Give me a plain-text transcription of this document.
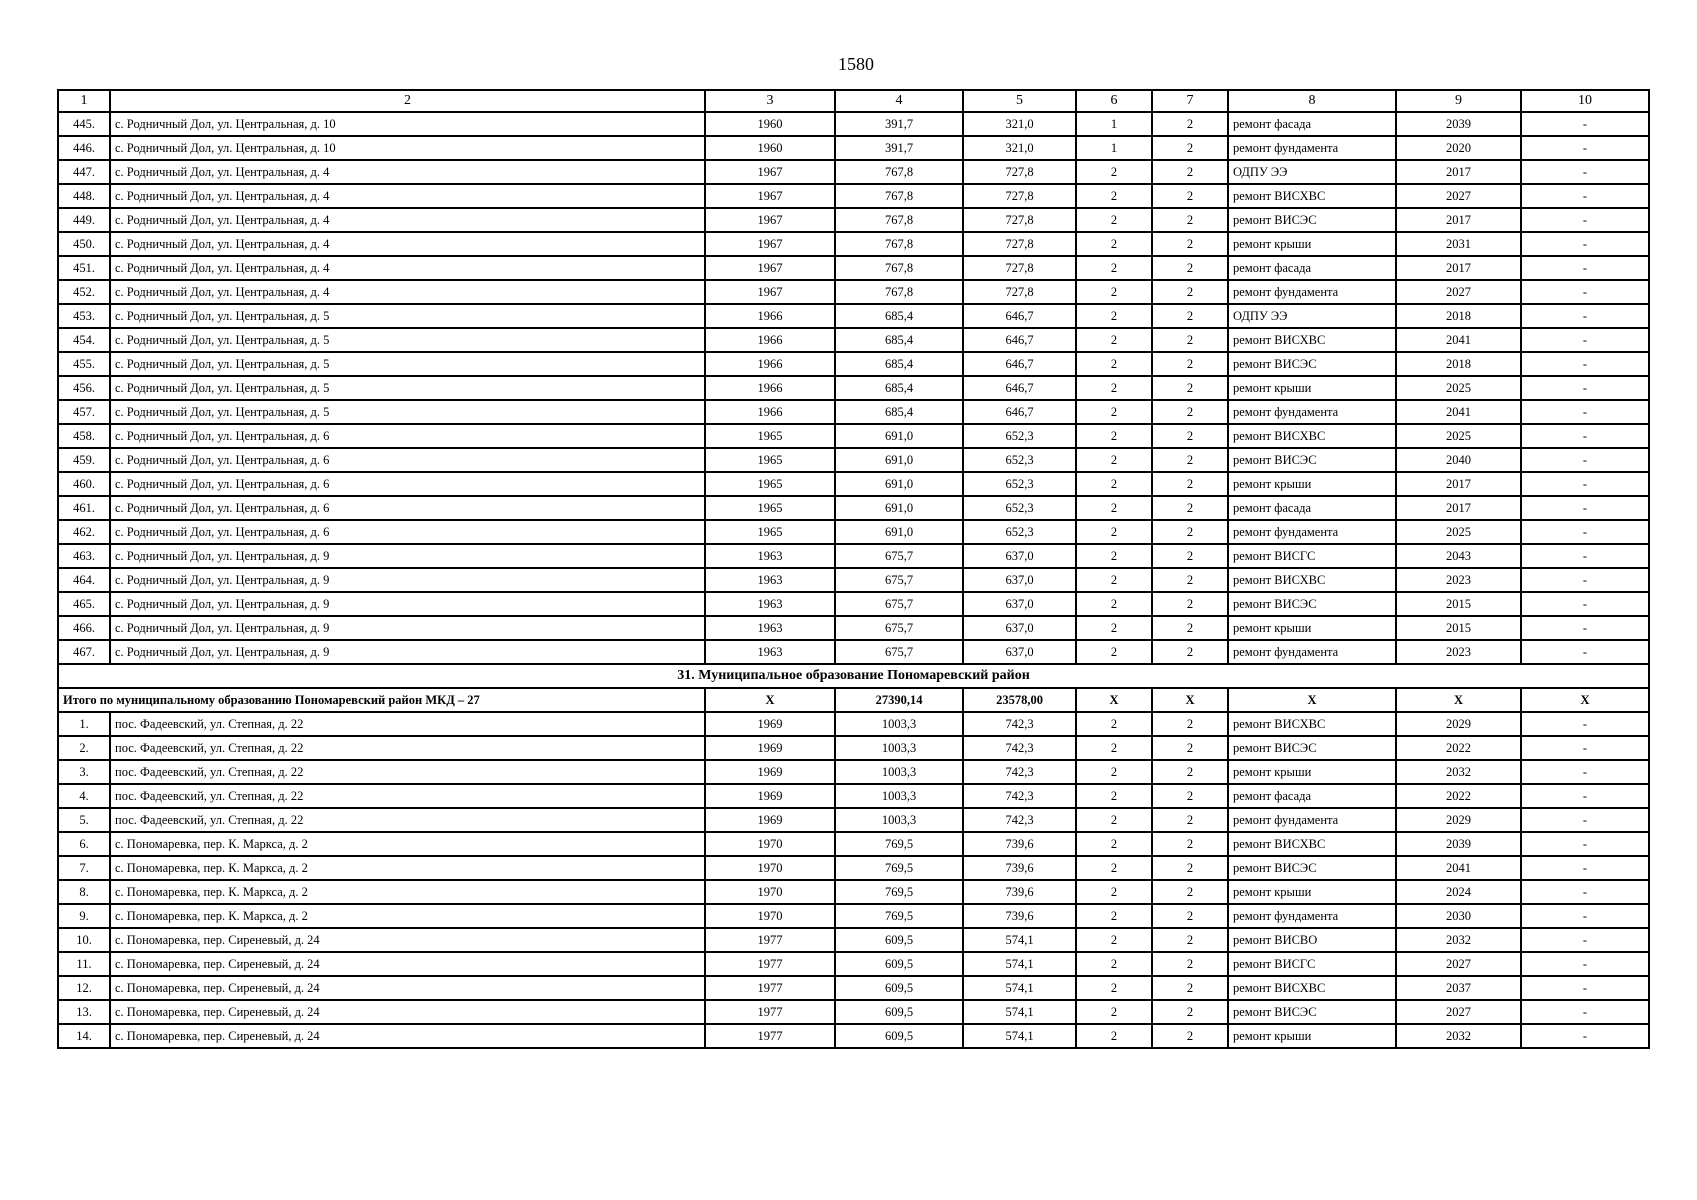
1580
1	2	3	4	5	6	7	8	9	10
445.	с. Родничный Дол, ул. Центральная, д. 10	1960	391,7	321,0	1	2	ремонт фасада	2039	-
446.	с. Родничный Дол, ул. Центральная, д. 10	1960	391,7	321,0	1	2	ремонт фундамента	2020	-
447.	с. Родничный Дол, ул. Центральная, д. 4	1967	767,8	727,8	2	2	ОДПУ ЭЭ	2017	-
448.	с. Родничный Дол, ул. Центральная, д. 4	1967	767,8	727,8	2	2	ремонт ВИСХВС	2027	-
449.	с. Родничный Дол, ул. Центральная, д. 4	1967	767,8	727,8	2	2	ремонт ВИСЭС	2017	-
450.	с. Родничный Дол, ул. Центральная, д. 4	1967	767,8	727,8	2	2	ремонт крыши	2031	-
451.	с. Родничный Дол, ул. Центральная, д. 4	1967	767,8	727,8	2	2	ремонт фасада	2017	-
452.	с. Родничный Дол, ул. Центральная, д. 4	1967	767,8	727,8	2	2	ремонт фундамента	2027	-
453.	с. Родничный Дол, ул. Центральная, д. 5	1966	685,4	646,7	2	2	ОДПУ ЭЭ	2018	-
454.	с. Родничный Дол, ул. Центральная, д. 5	1966	685,4	646,7	2	2	ремонт ВИСХВС	2041	-
455.	с. Родничный Дол, ул. Центральная, д. 5	1966	685,4	646,7	2	2	ремонт ВИСЭС	2018	-
456.	с. Родничный Дол, ул. Центральная, д. 5	1966	685,4	646,7	2	2	ремонт крыши	2025	-
457.	с. Родничный Дол, ул. Центральная, д. 5	1966	685,4	646,7	2	2	ремонт фундамента	2041	-
458.	с. Родничный Дол, ул. Центральная, д. 6	1965	691,0	652,3	2	2	ремонт ВИСХВС	2025	-
459.	с. Родничный Дол, ул. Центральная, д. 6	1965	691,0	652,3	2	2	ремонт ВИСЭС	2040	-
460.	с. Родничный Дол, ул. Центральная, д. 6	1965	691,0	652,3	2	2	ремонт крыши	2017	-
461.	с. Родничный Дол, ул. Центральная, д. 6	1965	691,0	652,3	2	2	ремонт фасада	2017	-
462.	с. Родничный Дол, ул. Центральная, д. 6	1965	691,0	652,3	2	2	ремонт фундамента	2025	-
463.	с. Родничный Дол, ул. Центральная, д. 9	1963	675,7	637,0	2	2	ремонт ВИСГС	2043	-
464.	с. Родничный Дол, ул. Центральная, д. 9	1963	675,7	637,0	2	2	ремонт ВИСХВС	2023	-
465.	с. Родничный Дол, ул. Центральная, д. 9	1963	675,7	637,0	2	2	ремонт ВИСЭС	2015	-
466.	с. Родничный Дол, ул. Центральная, д. 9	1963	675,7	637,0	2	2	ремонт крыши	2015	-
467.	с. Родничный Дол, ул. Центральная, д. 9	1963	675,7	637,0	2	2	ремонт фундамента	2023	-
31. Муниципальное образование Пономаревский район									
Итого по муниципальному образованию Пономаревский район МКД – 27		X	27390,14	23578,00	X	X	X	X	X
1.	пос. Фадеевский, ул. Степная, д. 22	1969	1003,3	742,3	2	2	ремонт ВИСХВС	2029	-
2.	пос. Фадеевский, ул. Степная, д. 22	1969	1003,3	742,3	2	2	ремонт ВИСЭС	2022	-
3.	пос. Фадеевский, ул. Степная, д. 22	1969	1003,3	742,3	2	2	ремонт крыши	2032	-
4.	пос. Фадеевский, ул. Степная, д. 22	1969	1003,3	742,3	2	2	ремонт фасада	2022	-
5.	пос. Фадеевский, ул. Степная, д. 22	1969	1003,3	742,3	2	2	ремонт фундамента	2029	-
6.	с. Пономаревка, пер. К. Маркса, д. 2	1970	769,5	739,6	2	2	ремонт ВИСХВС	2039	-
7.	с. Пономаревка, пер. К. Маркса, д. 2	1970	769,5	739,6	2	2	ремонт ВИСЭС	2041	-
8.	с. Пономаревка, пер. К. Маркса, д. 2	1970	769,5	739,6	2	2	ремонт крыши	2024	-
9.	с. Пономаревка, пер. К. Маркса, д. 2	1970	769,5	739,6	2	2	ремонт фундамента	2030	-
10.	с. Пономаревка, пер. Сиреневый, д. 24	1977	609,5	574,1	2	2	ремонт ВИСВО	2032	-
11.	с. Пономаревка, пер. Сиреневый, д. 24	1977	609,5	574,1	2	2	ремонт ВИСГС	2027	-
12.	с. Пономаревка, пер. Сиреневый, д. 24	1977	609,5	574,1	2	2	ремонт ВИСХВС	2037	-
13.	с. Пономаревка, пер. Сиреневый, д. 24	1977	609,5	574,1	2	2	ремонт ВИСЭС	2027	-
14.	с. Пономаревка, пер. Сиреневый, д. 24	1977	609,5	574,1	2	2	ремонт крыши	2032	-
